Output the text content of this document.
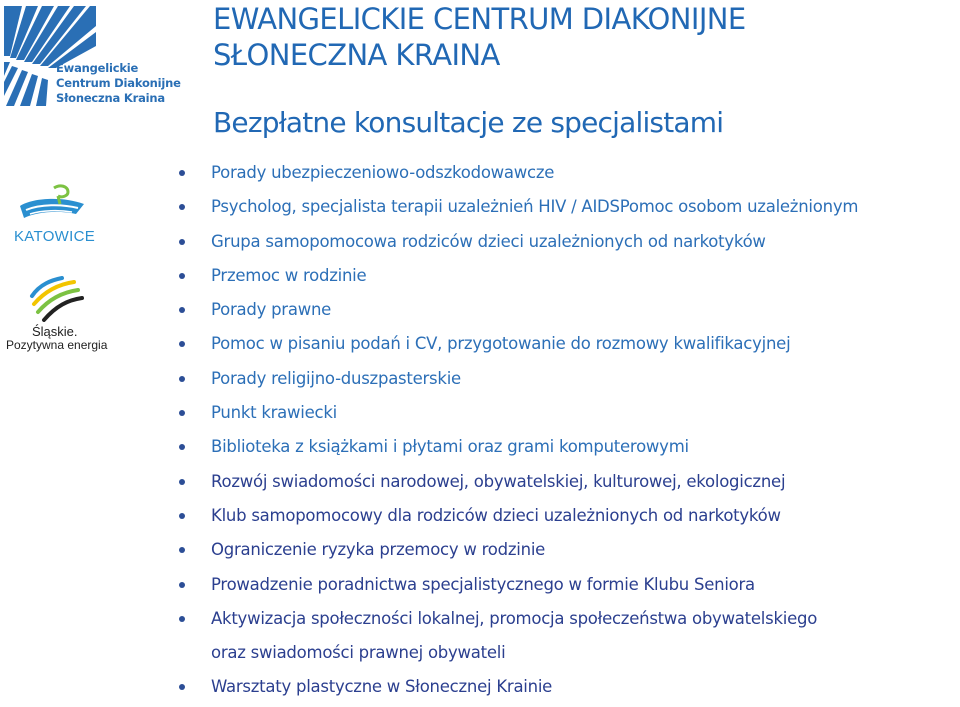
Ewangelickie
Centrum Diakonijne
Słoneczna Kraina
KATOWICE
Śląskie.
Pozytywna energia
EWANGELICKIE CENTRUM DIAKONIJNE
SŁONECZNA KRAINA
Bezpłatne konsultacje ze specjalistami
Porady ubezpieczeniowo-odszkodowawcze
Psycholog, specjalista terapii uzależnień HIV / AIDSPomoc osobom uzależnionym
Grupa samopomocowa rodziców dzieci uzależnionych od narkotyków
Przemoc w rodzinie
Porady prawne
Pomoc w pisaniu podań i CV, przygotowanie do rozmowy kwalifikacyjnej
Porady religijno-duszpasterskie
Punkt krawiecki
Biblioteka z książkami i płytami oraz grami komputerowymi
Rozwój swiadomości narodowej, obywatelskiej, kulturowej, ekologicznej
Klub samopomocowy dla rodziców dzieci uzależnionych od narkotyków
Ograniczenie ryzyka przemocy w rodzinie
Prowadzenie poradnictwa specjalistycznego w formie Klubu Seniora
Aktywizacja społeczności lokalnej, promocja społeczeństwa obywatelskiego
oraz swiadomości prawnej obywateli
Warsztaty plastyczne w Słonecznej Krainie
